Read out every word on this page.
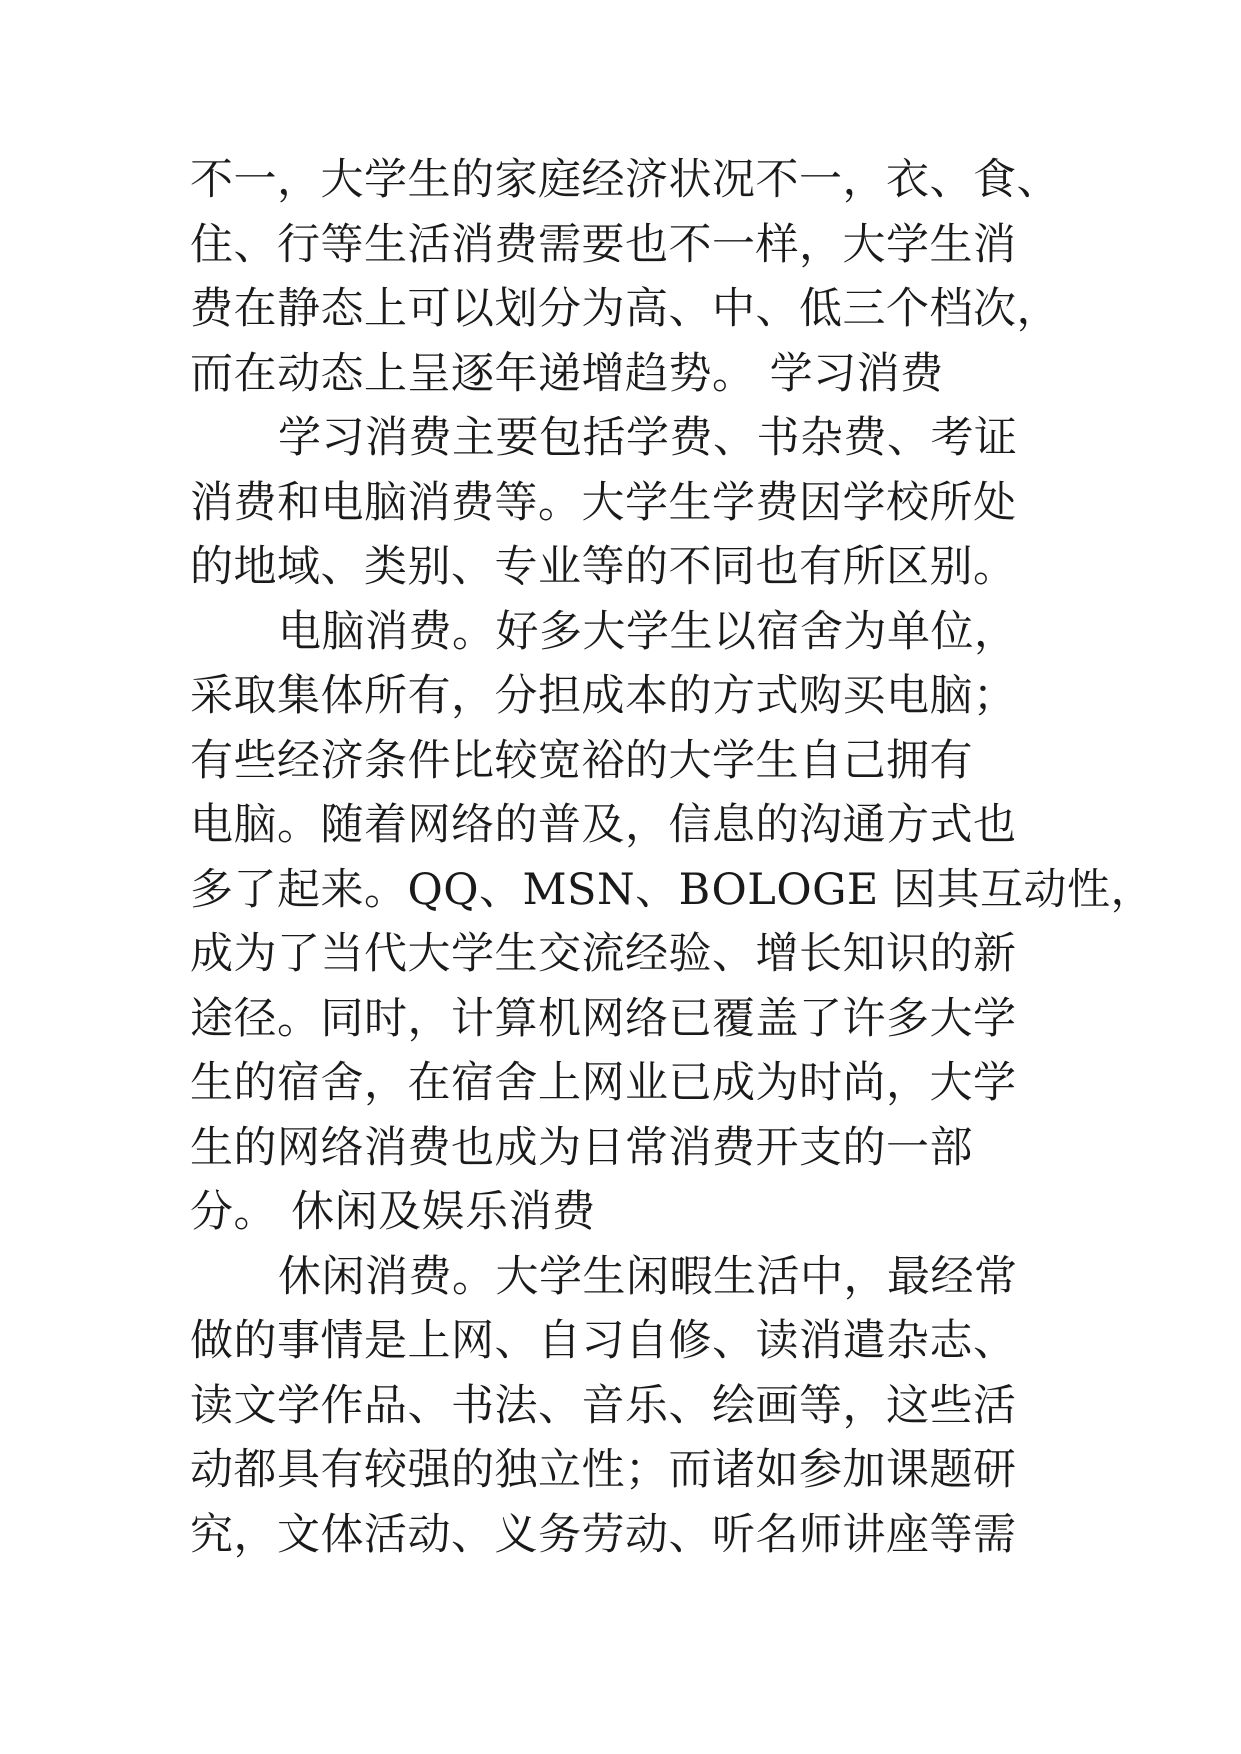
不一，大学生的家庭经济状况不一，衣、食、
住、行等生活消费需要也不一样，大学生消
费在静态上可以划分为高、中、低三个档次，
而在动态上呈逐年递增趋势。 学习消费
学习消费主要包括学费、书杂费、考证
消费和电脑消费等。大学生学费因学校所处
的地域、类别、专业等的不同也有所区别。
电脑消费。好多大学生以宿舍为单位，
采取集体所有，分担成本的方式购买电脑；
有些经济条件比较宽裕的大学生自己拥有
电脑。随着网络的普及，信息的沟通方式也
多了起来。QQ、MSN、BOLOGE 因其互动性，
成为了当代大学生交流经验、增长知识的新
途径。同时，计算机网络已覆盖了许多大学
生的宿舍，在宿舍上网业已成为时尚，大学
生的网络消费也成为日常消费开支的一部
分。 休闲及娱乐消费
休闲消费。大学生闲暇生活中，最经常
做的事情是上网、自习自修、读消遣杂志、
读文学作品、书法、音乐、绘画等，这些活
动都具有较强的独立性；而诸如参加课题研
究，文体活动、义务劳动、听名师讲座等需
